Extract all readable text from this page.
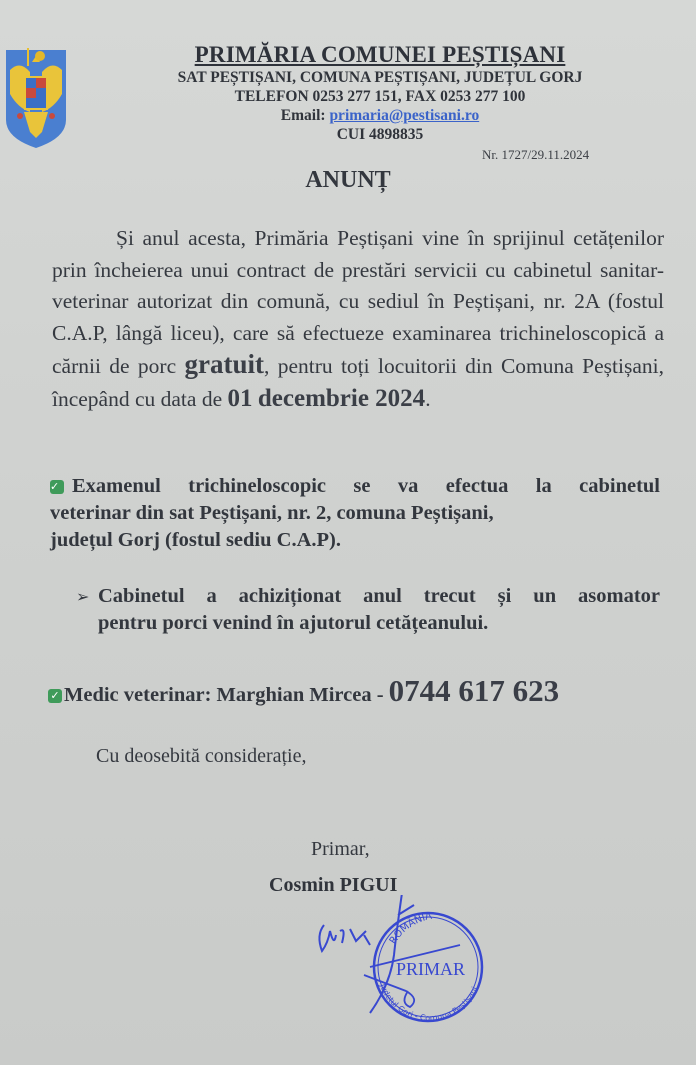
PRIMĂRIA COMUNEI PEȘTIȘANI
SAT PEȘTIȘANI, COMUNA PEȘTIȘANI, JUDEȚUL GORJ
TELEFON 0253 277 151, FAX 0253 277 100
Email: primaria@pestisani.ro
CUI 4898835
Nr. 1727/29.11.2024
ANUNȚ
Și anul acesta, Primăria Peștișani vine în sprijinul cetățenilor prin încheierea unui contract de prestări servicii cu cabinetul sanitar-veterinar autorizat din comună, cu sediul în Peștișani, nr. 2A (fostul C.A.P, lângă liceu), care să efectueze examinarea trichineloscopică a cărnii de porc gratuit, pentru toți locuitorii din Comuna Peștișani, începând cu data de 01 decembrie 2024.
✓ Examenul trichineloscopic se va efectua la cabinetul
veterinar din sat Peștișani, nr. 2, comuna Peștișani,
județul Gorj (fostul sediu C.A.P).
➢ Cabinetul a achiziționat anul trecut și un asomator
pentru porci venind în ajutorul cetățeanului.
✓ Medic veterinar: Marghian Mircea - 0744 617 623
Cu deosebită considerație,
Primar,
Cosmin PIGUI
ROMÂNIA
PRIMAR
Județul Gorj - Comuna Peștișani
